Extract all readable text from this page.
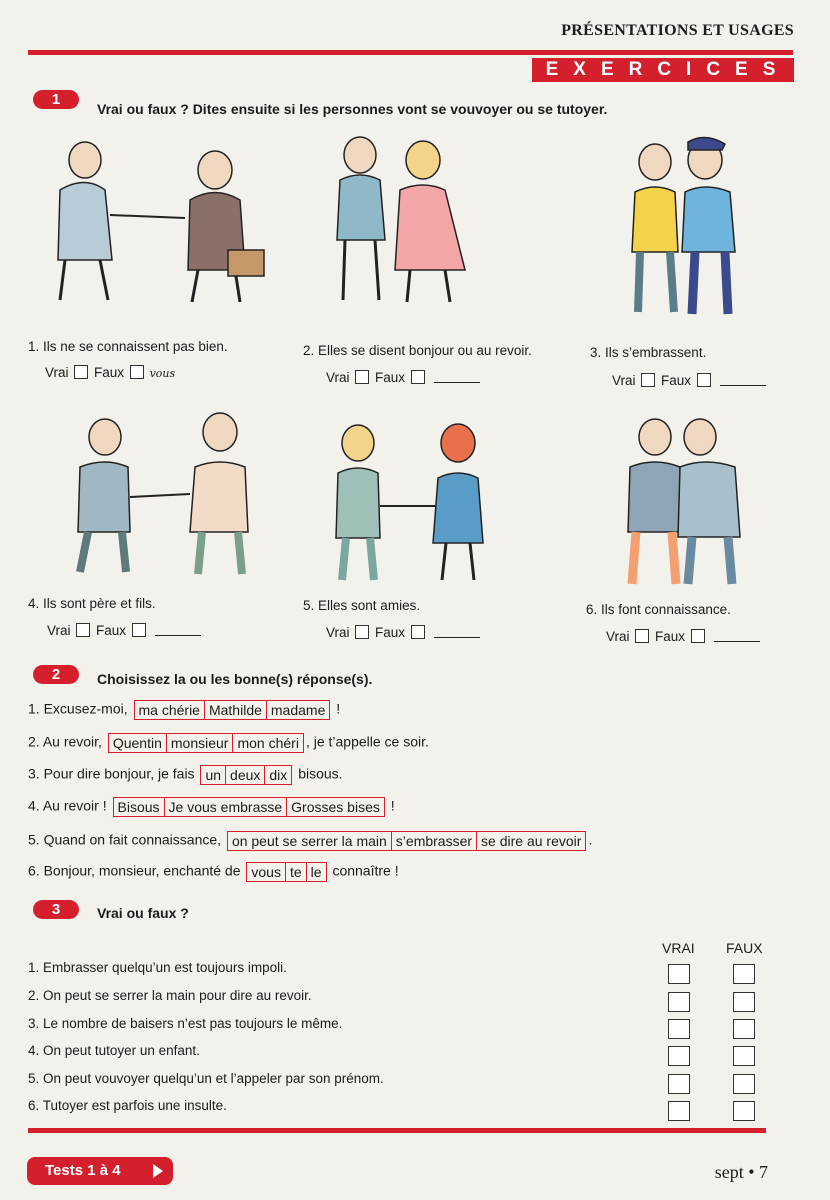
PRÉSENTATIONS ET USAGES
EXERCICES
1
Vrai ou faux ? Dites ensuite si les personnes vont se vouvoyer ou se tutoyer.
1. Ils ne se connaissent pas bien.
Vrai Faux vous
2. Elles se disent bonjour ou au revoir.
Vrai Faux
3. Ils s’embrassent.
Vrai Faux
4. Ils sont père et fils.
Vrai Faux
5. Elles sont amies.
Vrai Faux
6. Ils font connaissance.
Vrai Faux
2	Choisissez la ou les bonne(s) réponse(s).
1. Excusez-moi, ma chérie Mathilde madame !
2. Au revoir, Quentin monsieur mon chéri , je t’appelle ce soir.
3. Pour dire bonjour, je fais un deux dix bisous.
4. Au revoir ! Bisous Je vous embrasse Grosses bises !
5. Quand on fait connaissance, on peut se serrer la main s’embrasser se dire au revoir .
6. Bonjour, monsieur, enchanté de vous te le connaître !
3	Vrai ou faux ?
VRAI FAUX
1. Embrasser quelqu’un est toujours impoli.
2. On peut se serrer la main pour dire au revoir.
3. Le nombre de baisers n’est pas toujours le même.
4. On peut tutoyer un enfant.
5. On peut vouvoyer quelqu’un et l’appeler par son prénom.
6. Tutoyer est parfois une insulte.
Tests 1 à 4	sept • 7
